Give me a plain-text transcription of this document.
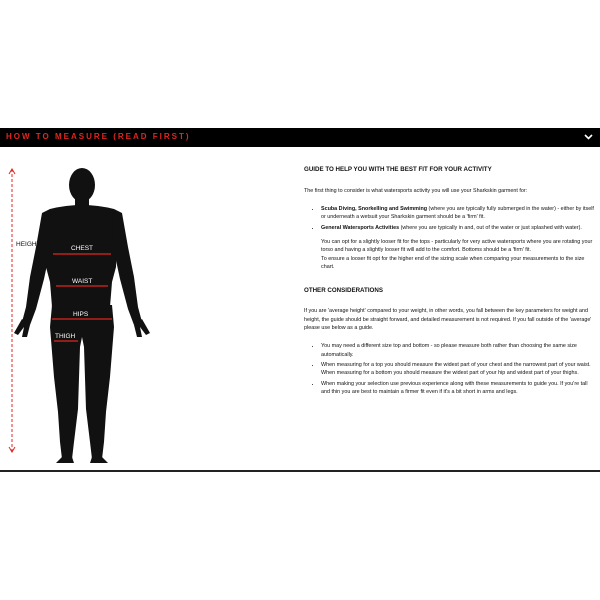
HOW TO MEASURE (READ FIRST)
HEIGHT
CHEST
WAIST
HIPS
THIGH
GUIDE TO HELP YOU WITH THE BEST FIT FOR YOUR ACTIVITY

The first thing to consider is what watersports activity you will use your Sharkskin garment for:

• Scuba Diving, Snorkelling and Swimming (where you are typically fully submerged in the water) - either by itself or underneath a wetsuit your Sharkskin garment should be a 'firm' fit.
• General Watersports Activities (where you are typically in and, out of the water or just splashed with water).
You can opt for a slightly looser fit for the tops - particularly for very active watersports where you are rotating your torso and having a slightly looser fit will add to the comfort. Bottoms should be a 'firm' fit.
To ensure a looser fit opt for the higher end of the sizing scale when comparing your measurements to the size chart.
OTHER CONSIDERATIONS

If you are 'average height' compared to your weight, in other words, you fall between the key parameters for weight and height, the guide should be straight forward, and detailed measurement is not required. If you fall outside of the 'average' please use below as a guide.

• You may need a different size top and bottom - so please measure both rather than choosing the same size automatically.
• When measuring for a top you should measure the widest part of your chest and the narrowest part of your waist. When measuring for a bottom you should measure the widest part of your hip and widest part of your thighs.
• When making your selection use previous experience along with these measurements to guide you. If you're tall and thin you are best to maintain a firmer fit even if it's a bit short in arms and legs.
